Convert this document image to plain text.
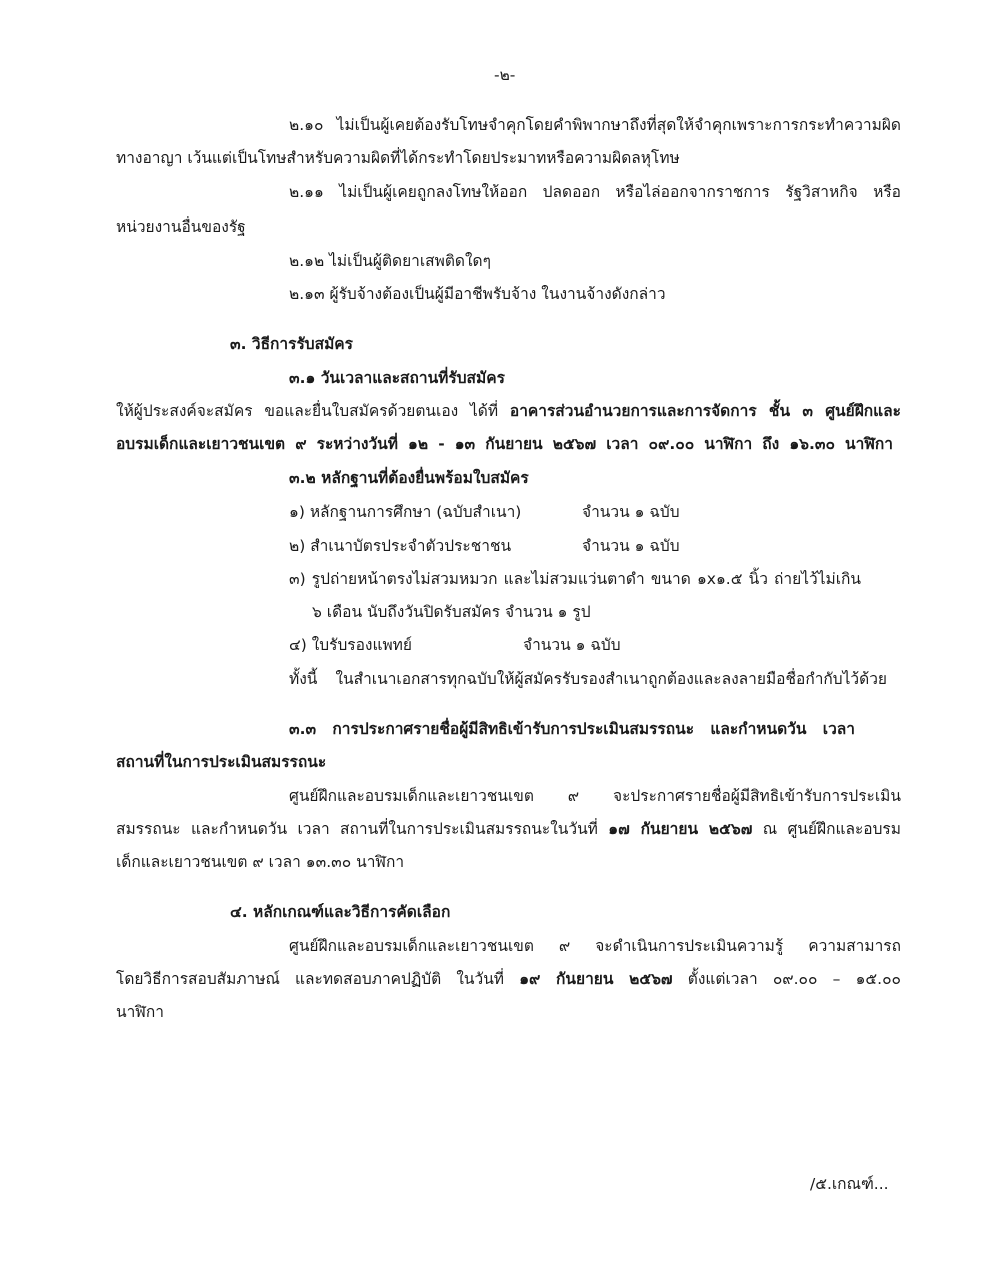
-๒-
๒.๑๐ ไม่เป็นผู้เคยต้องรับโทษจำคุกโดยคำพิพากษาถึงที่สุดให้จำคุกเพราะการกระทำความผิด
ทางอาญา เว้นแต่เป็นโทษสำหรับความผิดที่ได้กระทำโดยประมาทหรือความผิดลหุโทษ
๒.๑๑ ไม่เป็นผู้เคยถูกลงโทษให้ออก ปลดออก หรือไล่ออกจากราชการ รัฐวิสาหกิจ หรือ
หน่วยงานอื่นของรัฐ
๒.๑๒ ไม่เป็นผู้ติดยาเสพติดใดๆ
๒.๑๓ ผู้รับจ้างต้องเป็นผู้มีอาชีพรับจ้าง ในงานจ้างดังกล่าว
๓. วิธีการรับสมัคร
๓.๑ วันเวลาและสถานที่รับสมัคร
ให้ผู้ประสงค์จะสมัคร ขอและยื่นใบสมัครด้วยตนเอง ได้ที่ อาคารส่วนอำนวยการและการจัดการ ชั้น ๓ ศูนย์ฝึกและ
อบรมเด็กและเยาวชนเขต ๙ ระหว่างวันที่ ๑๒ - ๑๓ กันยายน ๒๕๖๗ เวลา ๐๙.๐๐ นาฬิกา ถึง ๑๖.๓๐ นาฬิกา
๓.๒ หลักฐานที่ต้องยื่นพร้อมใบสมัคร
๑) หลักฐานการศึกษา (ฉบับสำเนา)	จำนวน ๑ ฉบับ
๒) สำเนาบัตรประจำตัวประชาชน	จำนวน ๑ ฉบับ
๓) รูปถ่ายหน้าตรงไม่สวมหมวก และไม่สวมแว่นตาดำ ขนาด ๑x๑.๕ นิ้ว ถ่ายไว้ไม่เกิน
๖ เดือน นับถึงวันปิดรับสมัคร จำนวน ๑ รูป
๔) ใบรับรองแพทย์	จำนวน ๑ ฉบับ
ทั้งนี้ ในสำเนาเอกสารทุกฉบับให้ผู้สมัครรับรองสำเนาถูกต้องและลงลายมือชื่อกำกับไว้ด้วย
๓.๓ การประกาศรายชื่อผู้มีสิทธิเข้ารับการประเมินสมรรถนะ และกำหนดวัน เวลา
สถานที่ในการประเมินสมรรถนะ
ศูนย์ฝึกและอบรมเด็กและเยาวชนเขต ๙ จะประกาศรายชื่อผู้มีสิทธิเข้ารับการประเมิน
สมรรถนะ และกำหนดวัน เวลา สถานที่ในการประเมินสมรรถนะในวันที่ ๑๗ กันยายน ๒๕๖๗ ณ ศูนย์ฝึกและอบรม
เด็กและเยาวชนเขต ๙ เวลา ๑๓.๓๐ นาฬิกา
๔. หลักเกณฑ์และวิธีการคัดเลือก
ศูนย์ฝึกและอบรมเด็กและเยาวชนเขต ๙ จะดำเนินการประเมินความรู้ ความสามารถ
โดยวิธีการสอบสัมภาษณ์ และทดสอบภาคปฏิบัติ ในวันที่ ๑๙ กันยายน ๒๕๖๗ ตั้งแต่เวลา ๐๙.๐๐ – ๑๕.๐๐
นาฬิกา
/๕.เกณฑ์...
